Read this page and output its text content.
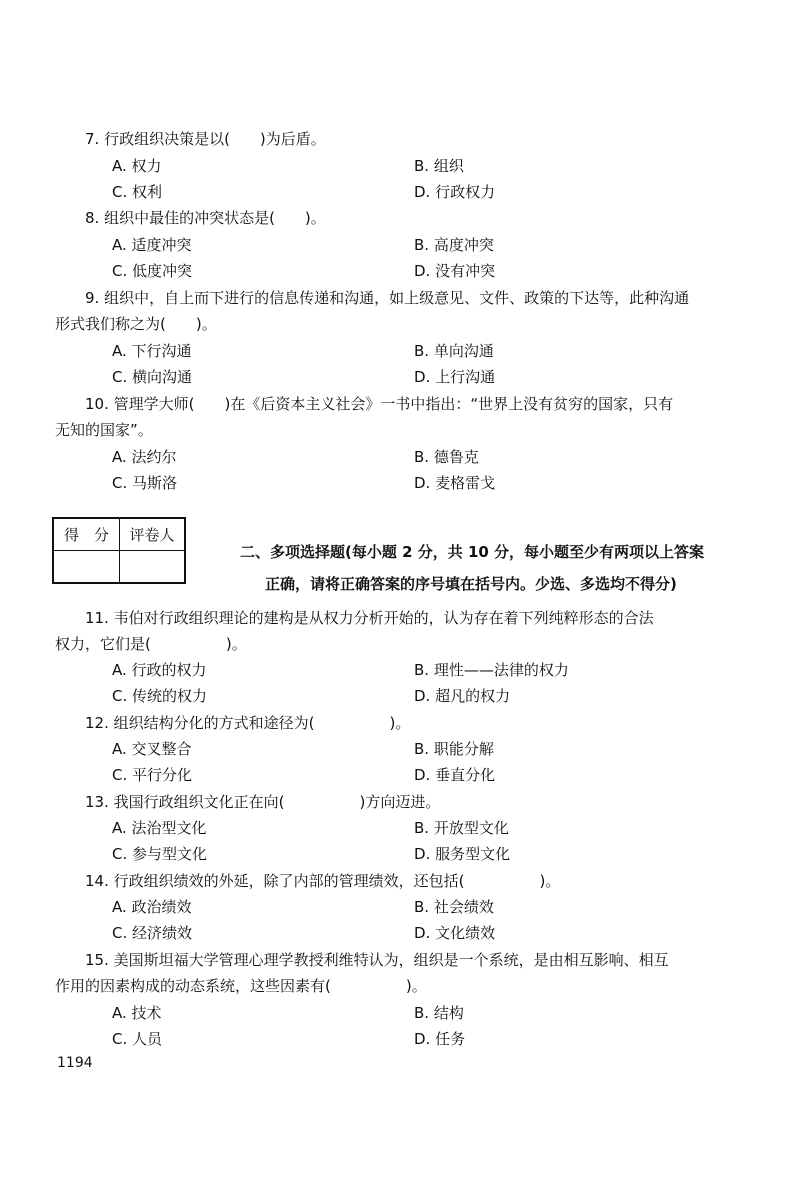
7. 行政组织决策是以(　　)为后盾。
A. 权力	B. 组织
C. 权利	D. 行政权力
8. 组织中最佳的冲突状态是(　　)。
A. 适度冲突	B. 高度冲突
C. 低度冲突	D. 没有冲突
9. 组织中，自上而下进行的信息传递和沟通，如上级意见、文件、政策的下达等，此种沟通
形式我们称之为(　　)。
A. 下行沟通	B. 单向沟通
C. 横向沟通	D. 上行沟通
10. 管理学大师(　　)在《后资本主义社会》一书中指出：“世界上没有贫穷的国家，只有
无知的国家”。
A. 法约尔	B. 德鲁克
C. 马斯洛	D. 麦格雷戈
得　分	评卷人

二、多项选择题(每小题 2 分，共 10 分，每小题至少有两项以上答案
正确，请将正确答案的序号填在括号内。少选、多选均不得分)
11. 韦伯对行政组织理论的建构是从权力分析开始的，认为存在着下列纯粹形态的合法
权力，它们是(　　　　　)。
A. 行政的权力	B. 理性——法律的权力
C. 传统的权力	D. 超凡的权力
12. 组织结构分化的方式和途径为(　　　　　)。
A. 交叉整合	B. 职能分解
C. 平行分化	D. 垂直分化
13. 我国行政组织文化正在向(　　　　　)方向迈进。
A. 法治型文化	B. 开放型文化
C. 参与型文化	D. 服务型文化
14. 行政组织绩效的外延，除了内部的管理绩效，还包括(　　　　　)。
A. 政治绩效	B. 社会绩效
C. 经济绩效	D. 文化绩效
15. 美国斯坦福大学管理心理学教授利维特认为，组织是一个系统，是由相互影响、相互
作用的因素构成的动态系统，这些因素有(　　　　　)。
A. 技术	B. 结构
C. 人员	D. 任务
1194
